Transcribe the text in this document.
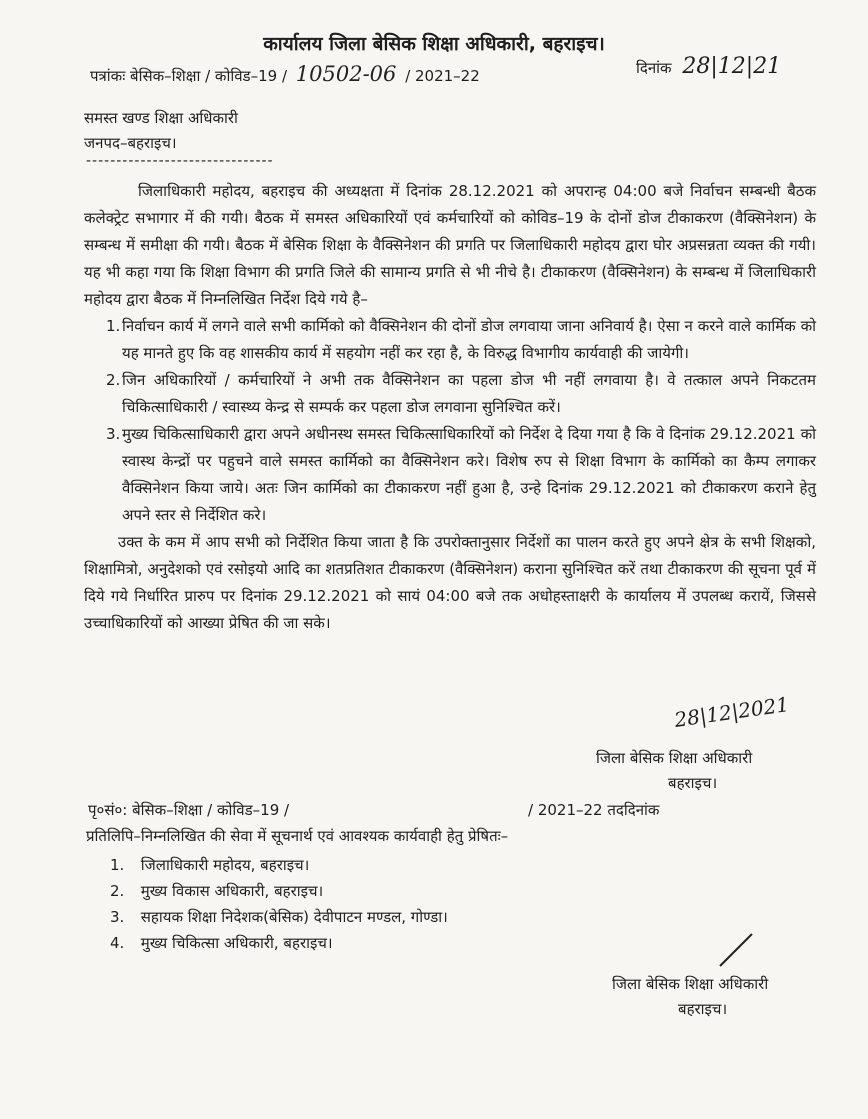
कार्यालय जिला बेसिक शिक्षा अधिकारी, बहराइच।
पत्रांकः बेसिक–शिक्षा / कोविड–19 / 10502-06 / 2021–22	दिनांक 28|12|21
समस्त खण्ड शिक्षा अधिकारी
जनपद–बहराइच।
-------------------------------

जिलाधिकारी महोदय, बहराइच की अध्यक्षता में दिनांक 28.12.2021 को अपरान्ह 04:00 बजे निर्वाचन सम्बन्धी बैठक कलेक्ट्रेट सभागार में की गयी। बैठक में समस्त अधिकारियों एवं कर्मचारियों को कोविड–19 के दोनों डोज टीकाकरण (वैक्सिनेशन) के सम्बन्ध में समीक्षा की गयी। बैठक में बेसिक शिक्षा के वैक्सिनेशन की प्रगति पर जिलाधिकारी महोदय द्वारा घोर अप्रसन्नता व्यक्त की गयी। यह भी कहा गया कि शिक्षा विभाग की प्रगति जिले की सामान्य प्रगति से भी नीचे है। टीकाकरण (वैक्सिनेशन) के सम्बन्ध में जिलाधिकारी महोदय द्वारा बैठक में निम्नलिखित निर्देश दिये गये है–

1. निर्वाचन कार्य में लगने वाले सभी कार्मिको को वैक्सिनेशन की दोनों डोज लगवाया जाना अनिवार्य है। ऐसा न करने वाले कार्मिक को यह मानते हुए कि वह शासकीय कार्य में सहयोग नहीं कर रहा है, के विरुद्ध विभागीय कार्यवाही की जायेगी।
2. जिन अधिकारियों / कर्मचारियों ने अभी तक वैक्सिनेशन का पहला डोज भी नहीं लगवाया है। वे तत्काल अपने निकटतम चिकित्साधिकारी / स्वास्थ्य केन्द्र से सम्पर्क कर पहला डोज लगवाना सुनिश्चित करें।
3. मुख्य चिकित्साधिकारी द्वारा अपने अधीनस्थ समस्त चिकित्साधिकारियों को निर्देश दे दिया गया है कि वे दिनांक 29.12.2021 को स्वास्थ केन्द्रों पर पहुचने वाले समस्त कार्मिको का वैक्सिनेशन करे। विशेष रुप से शिक्षा विभाग के कार्मिको का कैम्प लगाकर वैक्सिनेशन किया जाये। अतः जिन कार्मिको का टीकाकरण नहीं हुआ है, उन्हे दिनांक 29.12.2021 को टीकाकरण कराने हेतु अपने स्तर से निर्देशित करे।

उक्त के कम में आप सभी को निर्देशित किया जाता है कि उपरोक्तानुसार निर्देशों का पालन करते हुए अपने क्षेत्र के सभी शिक्षको, शिक्षामित्रो, अनुदेशको एवं रसोइयो आदि का शतप्रतिशत टीकाकरण (वैक्सिनेशन) कराना सुनिश्चित करें तथा टीकाकरण की सूचना पूर्व में दिये गये निर्धारित प्रारुप पर दिनांक 29.12.2021 को सायं 04:00 बजे तक अधोहस्ताक्षरी के कार्यालय में उपलब्ध करायें, जिससे उच्चाधिकारियों को आख्या प्रेषित की जा सके।

28|12|2021
जिला बेसिक शिक्षा अधिकारी
बहराइच।
पृ०सं०: बेसिक–शिक्षा / कोविड–19 /	/ 2021–22 तददिनांक
प्रतिलिपि–निम्नलिखित की सेवा में सूचनार्थ एवं आवश्यक कार्यवाही हेतु प्रेषितः–
1. जिलाधिकारी महोदय, बहराइच।
2. मुख्य विकास अधिकारी, बहराइच।
3. सहायक शिक्षा निदेशक(बेसिक) देवीपाटन मण्डल, गोण्डा।
4. मुख्य चिकित्सा अधिकारी, बहराइच।
जिला बेसिक शिक्षा अधिकारी
बहराइच।
